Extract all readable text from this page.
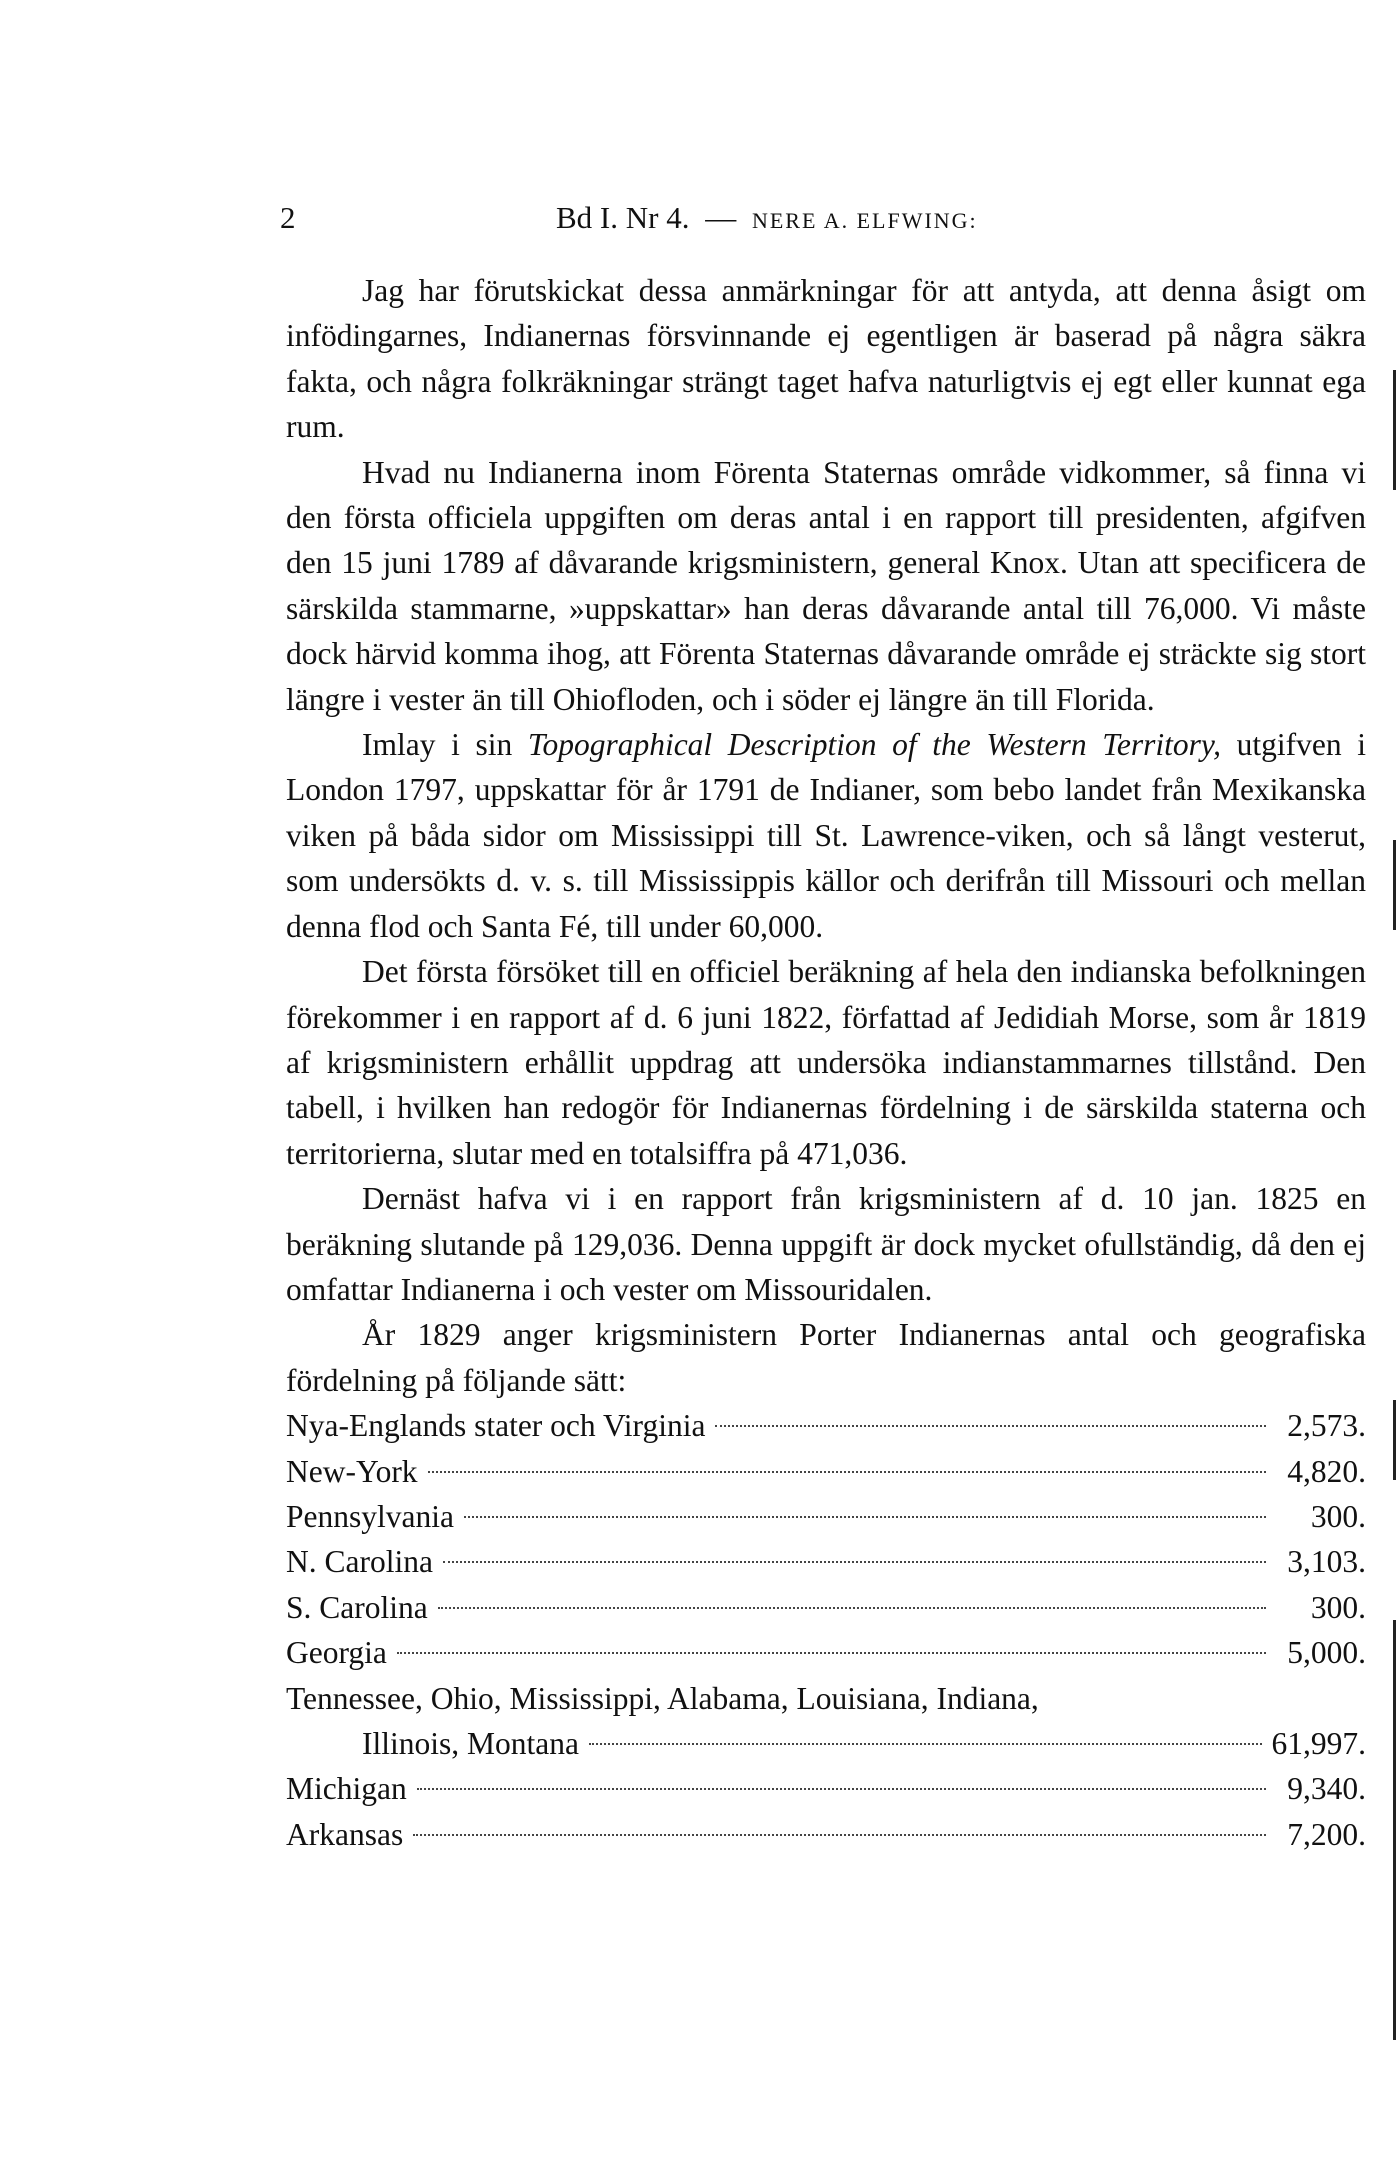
2	Bd I. Nr 4. — NERE A. ELFWING:

Jag har förutskickat dessa anmärkningar för att antyda, att denna åsigt om infödingarnes, Indianernas försvinnande ej egentligen är baserad på några säkra fakta, och några folkräkningar strängt taget hafva naturligtvis ej egt eller kunnat ega rum.

Hvad nu Indianerna inom Förenta Staternas område vidkommer, så finna vi den första officiela uppgiften om deras antal i en rapport till presidenten, afgifven den 15 juni 1789 af dåvarande krigsministern, general Knox. Utan att specificera de särskilda stammarne, »uppskattar» han deras dåvarande antal till 76,000. Vi måste dock härvid komma ihog, att Förenta Staternas dåvarande område ej sträckte sig stort längre i vester än till Ohiofloden, och i söder ej längre än till Florida.

Imlay i sin Topographical Description of the Western Territory, utgifven i London 1797, uppskattar för år 1791 de Indianer, som bebo landet från Mexikanska viken på båda sidor om Mississippi till St. Lawrence-viken, och så långt vesterut, som undersökts d. v. s. till Mississippis källor och derifrån till Missouri och mellan denna flod och Santa Fé, till under 60,000.

Det första försöket till en officiel beräkning af hela den indianska befolkningen förekommer i en rapport af d. 6 juni 1822, författad af Jedidiah Morse, som år 1819 af krigsministern erhållit uppdrag att undersöka indianstammarnes tillstånd. Den tabell, i hvilken han redogör för Indianernas fördelning i de särskilda staterna och territorierna, slutar med en totalsiffra på 471,036.

Dernäst hafva vi i en rapport från krigsministern af d. 10 jan. 1825 en beräkning slutande på 129,036. Denna uppgift är dock mycket ofullständig, då den ej omfattar Indianerna i och vester om Missouridalen.

År 1829 anger krigsministern Porter Indianernas antal och geografiska fördelning på följande sätt:

Nya-Englands stater och Virginia	2,573.
New-York	4,820.
Pennsylvania	300.
N. Carolina	3,103.
S. Carolina	300.
Georgia	5,000.
Tennessee, Ohio, Mississippi, Alabama, Louisiana, Indiana,
Illinois, Montana	61,997.
Michigan	9,340.
Arkansas	7,200.
